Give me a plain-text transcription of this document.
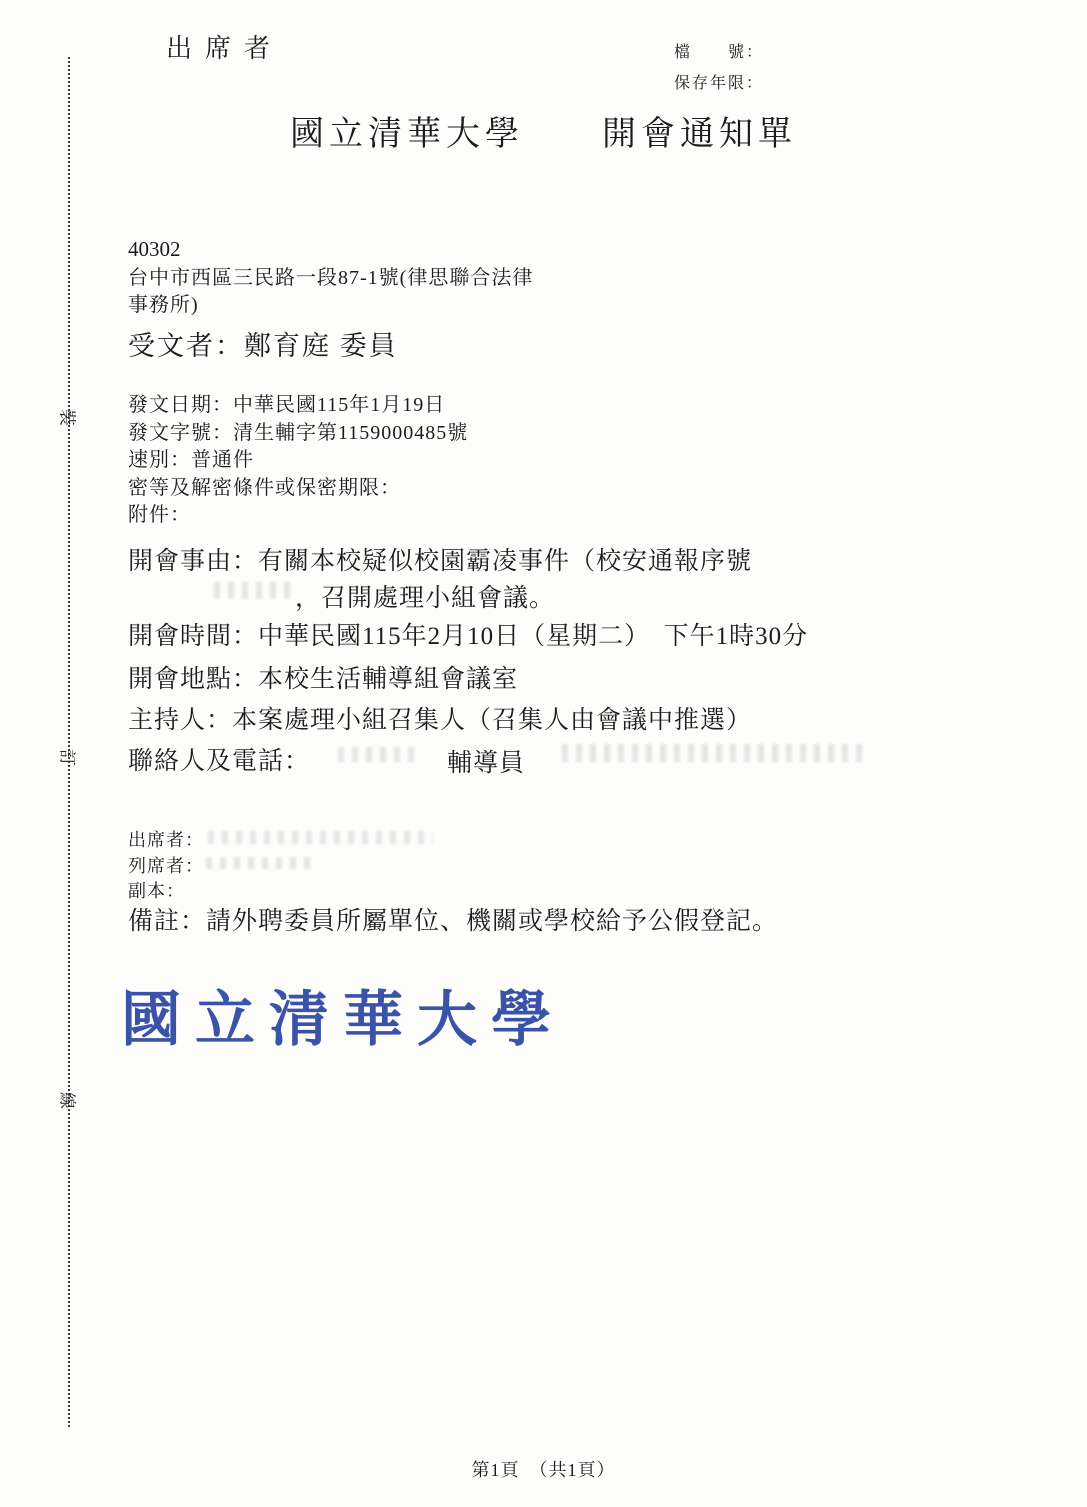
裝
訂
線
出席者	檔　　號：
保存年限：
國立清華大學　　開會通知單
40302
台中市西區三民路一段87-1號(律思聯合法律
事務所)
受文者：鄭育庭 委員
發文日期：中華民國115年1月19日
發文字號：清生輔字第1159000485號
速別：普通件
密等及解密條件或保密期限：
附件：
開會事由：有關本校疑似校園霸凌事件（校安通報序號
，召開處理小組會議。
開會時間：中華民國115年2月10日（星期二）　下午1時30分
開會地點：本校生活輔導組會議室
主持人：本案處理小組召集人（召集人由會議中推選）
聯絡人及電話：	輔導員
出席者：
列席者：
副本：
備註：請外聘委員所屬單位、機關或學校給予公假登記。
國立清華大學
第1頁　（共1頁）
